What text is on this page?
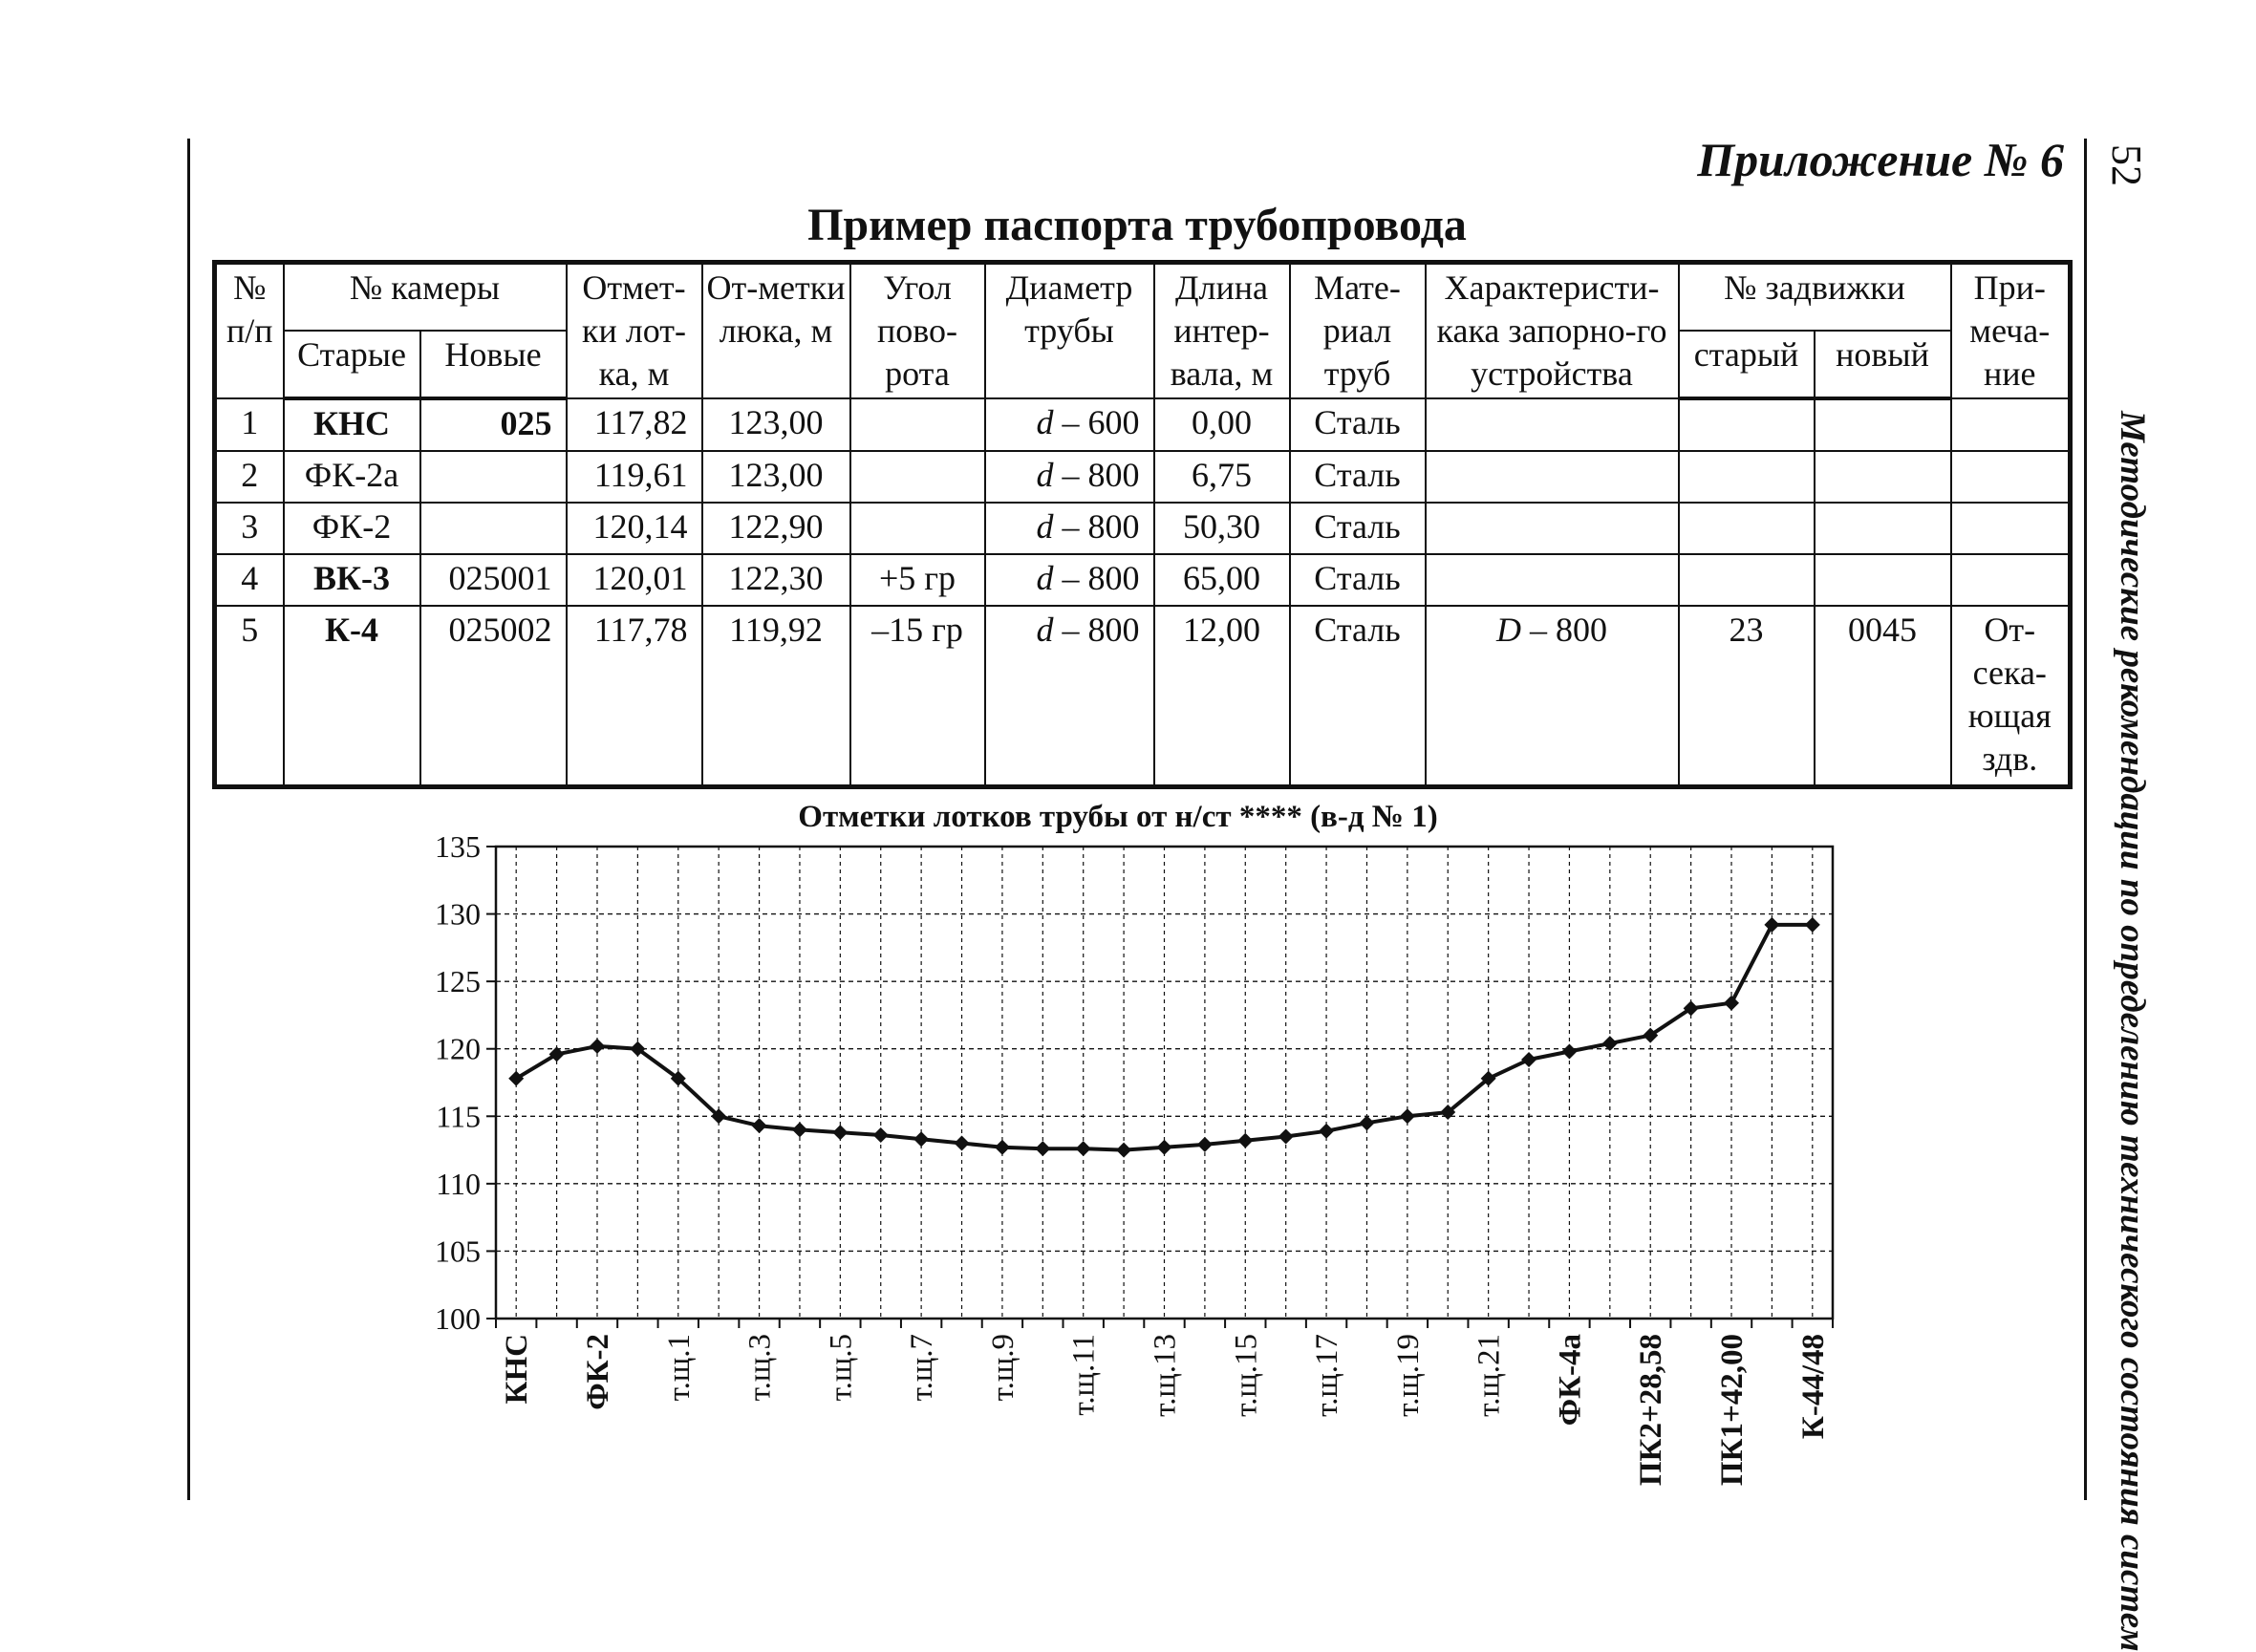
Приложение № 6 52
Методические рекомендации по определению технического состояния систем
Пример паспорта трубопровода
№ п/п	№ камеры		Отмет-ки лот-ка, м	От-метки люка, м	Угол пово-рота	Диаметр трубы	Длина интер-вала, м	Мате-риал труб	Характеристи-кака запорно-го устройства	№ задвижки		При-меча-ние
	Старые	Новые								старый	новый	
1	КНС	025	117,82	123,00		d – 600	0,00	Сталь				
2	ФК-2а		119,61	123,00		d – 800	6,75	Сталь				
3	ФК-2		120,14	122,90		d – 800	50,30	Сталь				
4	ВК-3	025001	120,01	122,30	+5 гр	d – 800	65,00	Сталь				
5	К-4	025002	117,78	119,92	–15 гр	d – 800	12,00	Сталь	D – 800	23	0045	От-сека-ющая здв.
Отметки лотков трубы от н/ст **** (в-д № 1)
100
105
110
115
120
125
130
135
КНС ФК-2 т.щ.1 т.щ.3 т.щ.5 т.щ.7 т.щ.9 т.щ.11 т.щ.13 т.щ.15 т.щ.17 т.щ.19 т.щ.21 ФК-4а ПК2+28,58 ПК1+42,00 К-44/48
